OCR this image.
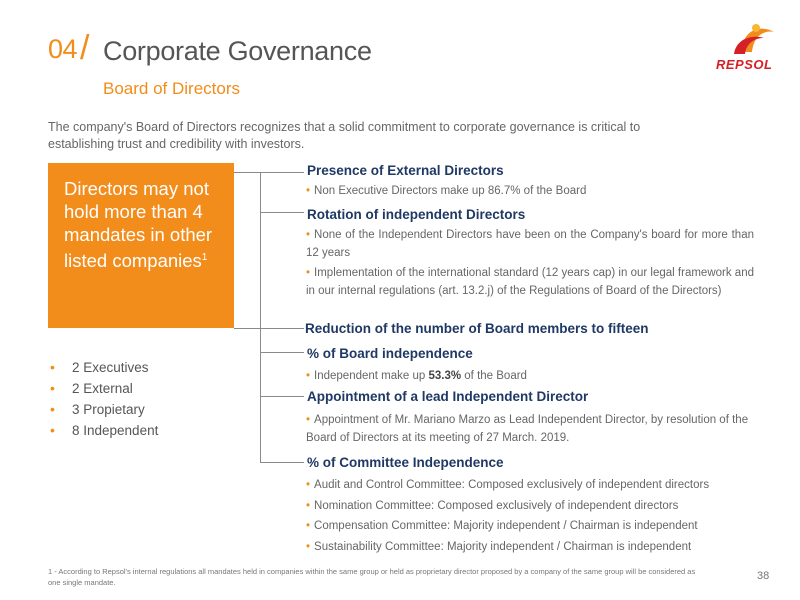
04 / Corporate Governance
Board of Directors
REPSOL
The company's Board of Directors recognizes that a solid commitment to corporate governance is critical to establishing trust and credibility with investors.
Directors may not hold more than 4 mandates in other listed companies$^1$
• 2 Executives
• 2 External
• 3 Propietary
• 8 Independent
Presence of External Directors
• Non Executive Directors make up 86.7% of the Board
Rotation of independent Directors
• None of the Independent Directors have been on the Company's board for more than 12 years
• Implementation of the international standard (12 years cap) in our legal framework and in our internal regulations (art. 13.2.j) of the Regulations of Board of the Directors)
Reduction of the number of Board members to fifteen
% of Board independence
• Independent make up 53.3% of the Board
Appointment of a lead Independent Director
• Appointment of Mr. Mariano Marzo as Lead Independent Director, by resolution of the Board of Directors at its meeting of 27 March. 2019.
% of Committee Independence
• Audit and Control Committee: Composed exclusively of independent directors
• Nomination Committee: Composed exclusively of independent directors
• Compensation Committee: Majority independent / Chairman is independent
• Sustainability Committee: Majority independent / Chairman is independent
1 - According to Repsol's internal regulations all mandates held in companies within the same group or held as proprietary director proposed by a company of the same group will be considered as one single mandate.
38
